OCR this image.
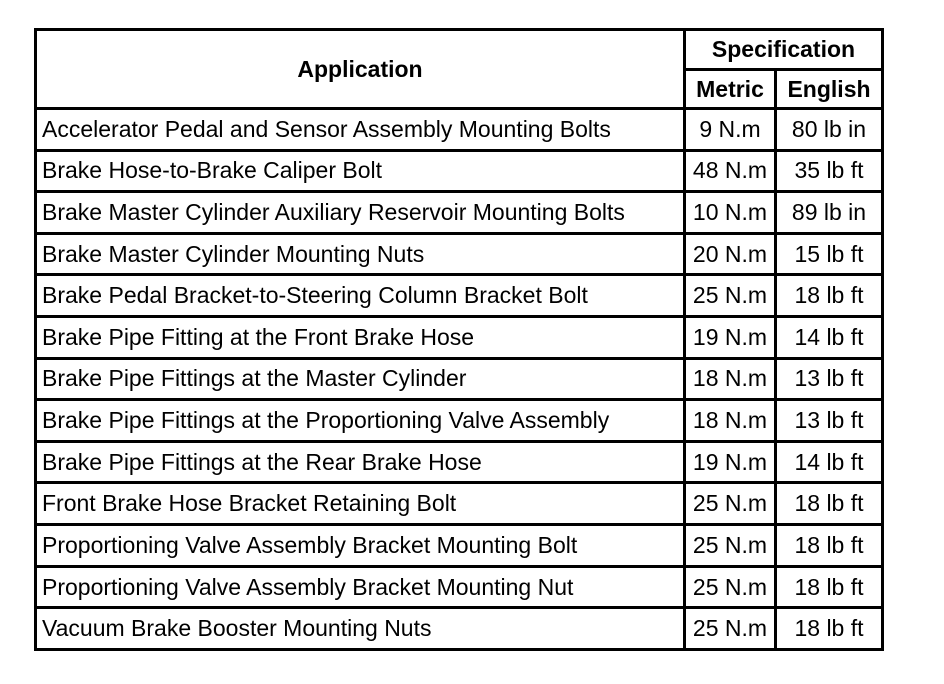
Application	Specification	
	Metric	English
Accelerator Pedal and Sensor Assembly Mounting Bolts	9 N.m	80 lb in
Brake Hose-to-Brake Caliper Bolt	48 N.m	35 lb ft
Brake Master Cylinder Auxiliary Reservoir Mounting Bolts	10 N.m	89 lb in
Brake Master Cylinder Mounting Nuts	20 N.m	15 lb ft
Brake Pedal Bracket-to-Steering Column Bracket Bolt	25 N.m	18 lb ft
Brake Pipe Fitting at the Front Brake Hose	19 N.m	14 lb ft
Brake Pipe Fittings at the Master Cylinder	18 N.m	13 lb ft
Brake Pipe Fittings at the Proportioning Valve Assembly	18 N.m	13 lb ft
Brake Pipe Fittings at the Rear Brake Hose	19 N.m	14 lb ft
Front Brake Hose Bracket Retaining Bolt	25 N.m	18 lb ft
Proportioning Valve Assembly Bracket Mounting Bolt	25 N.m	18 lb ft
Proportioning Valve Assembly Bracket Mounting Nut	25 N.m	18 lb ft
Vacuum Brake Booster Mounting Nuts	25 N.m	18 lb ft
